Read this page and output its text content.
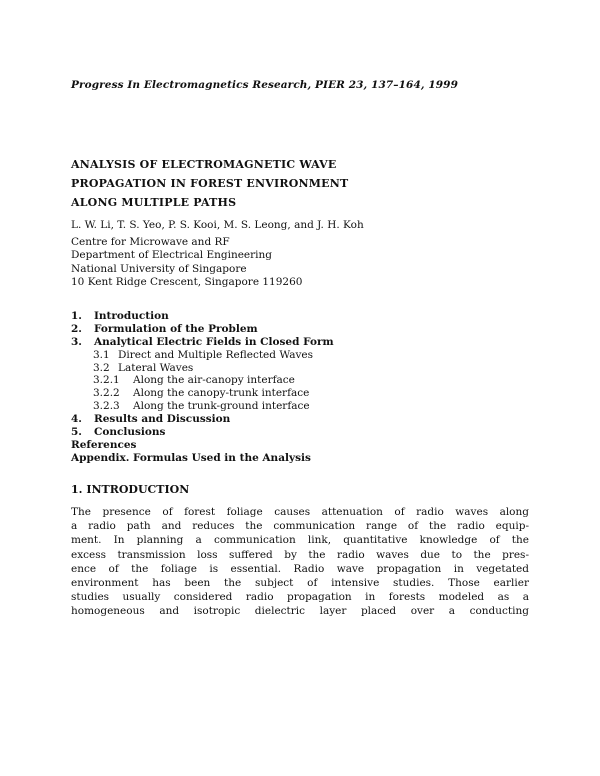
Progress In Electromagnetics Research, PIER 23, 137–164, 1999
ANALYSIS OF ELECTROMAGNETIC WAVE
PROPAGATION IN FOREST ENVIRONMENT
ALONG MULTIPLE PATHS
L. W. Li, T. S. Yeo, P. S. Kooi, M. S. Leong, and J. H. Koh
Centre for Microwave and RF
Department of Electrical Engineering
National University of Singapore
10 Kent Ridge Crescent, Singapore 119260
1. Introduction
2. Formulation of the Problem
3. Analytical Electric Fields in Closed Form
3.1 Direct and Multiple Reflected Waves
3.2 Lateral Waves
3.2.1 Along the air-canopy interface
3.2.2 Along the canopy-trunk interface
3.2.3 Along the trunk-ground interface
4. Results and Discussion
5. Conclusions
References
Appendix. Formulas Used in the Analysis
1. INTRODUCTION
The presence of forest foliage causes attenuation of radio waves along
a radio path and reduces the communication range of the radio equip-
ment. In planning a communication link, quantitative knowledge of the
excess transmission loss suffered by the radio waves due to the pres-
ence of the foliage is essential. Radio wave propagation in vegetated
environment has been the subject of intensive studies. Those earlier
studies usually considered radio propagation in forests modeled as a
homogeneous and isotropic dielectric layer placed over a conducting
